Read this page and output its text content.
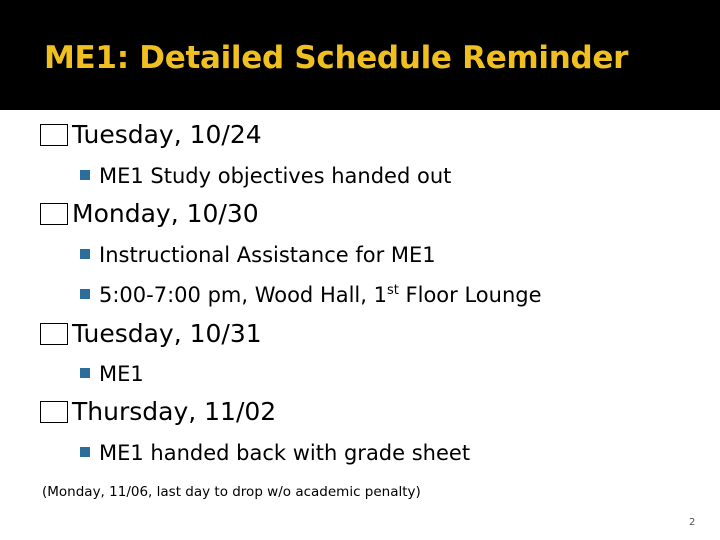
ME1: Detailed Schedule Reminder
Tuesday, 10/24
ME1 Study objectives handed out
Monday, 10/30
Instructional Assistance for ME1
5:00-7:00 pm, Wood Hall, 1st Floor Lounge
Tuesday, 10/31
ME1
Thursday, 11/02
ME1 handed back with grade sheet
(Monday, 11/06, last day to drop w/o academic penalty)
2
